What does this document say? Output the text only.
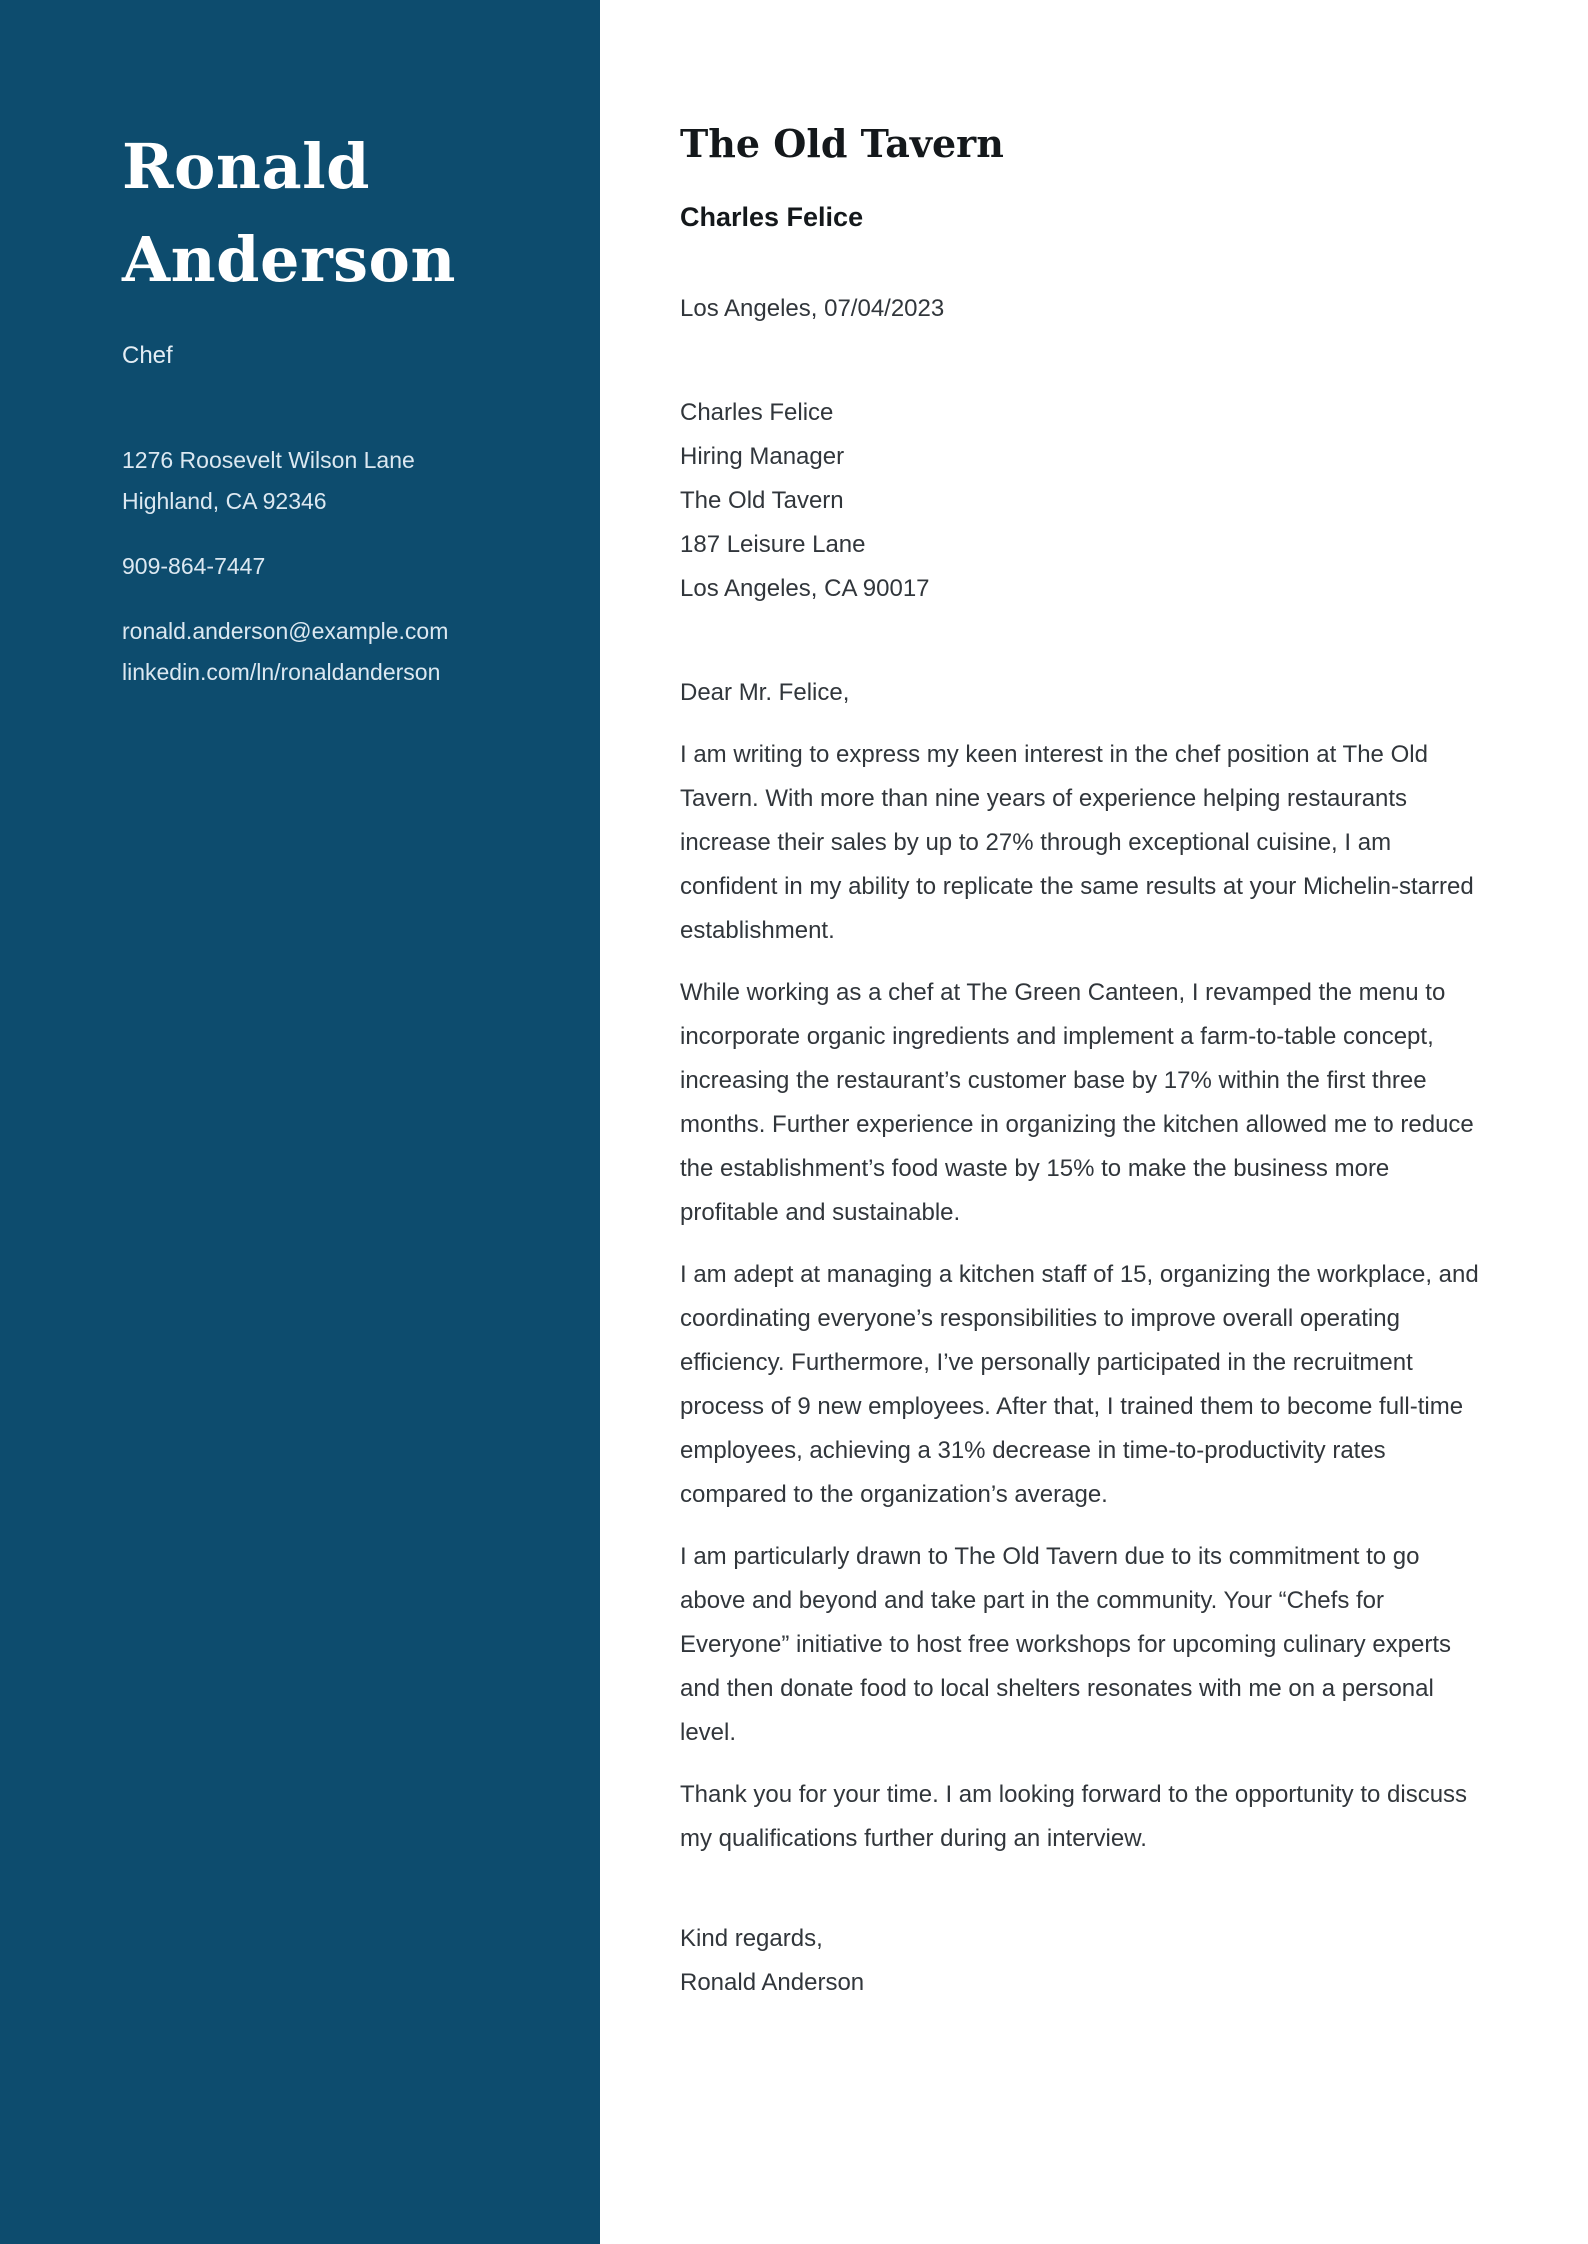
Ronald
Anderson
Chef
1276 Roosevelt Wilson Lane
Highland, CA 92346
909-864-7447
ronald.anderson@example.com
linkedin.com/ln/ronaldanderson
The Old Tavern
Charles Felice
Los Angeles, 07/04/2023
Charles Felice
Hiring Manager
The Old Tavern
187 Leisure Lane
Los Angeles, CA 90017
Dear Mr. Felice,

I am writing to express my keen interest in the chef position at The Old Tavern. With more than nine years of experience helping restaurants increase their sales by up to 27% through exceptional cuisine, I am confident in my ability to replicate the same results at your Michelin-starred establishment.

While working as a chef at The Green Canteen, I revamped the menu to incorporate organic ingredients and implement a farm-to-table concept, increasing the restaurant’s customer base by 17% within the first three months. Further experience in organizing the kitchen allowed me to reduce the establishment’s food waste by 15% to make the business more profitable and sustainable.

I am adept at managing a kitchen staff of 15, organizing the workplace, and coordinating everyone’s responsibilities to improve overall operating efficiency. Furthermore, I’ve personally participated in the recruitment process of 9 new employees. After that, I trained them to become full-time employees, achieving a 31% decrease in time-to-productivity rates compared to the organization’s average.

I am particularly drawn to The Old Tavern due to its commitment to go above and beyond and take part in the community. Your “Chefs for Everyone” initiative to host free workshops for upcoming culinary experts and then donate food to local shelters resonates with me on a personal level.

Thank you for your time. I am looking forward to the opportunity to discuss my qualifications further during an interview.

Kind regards,
Ronald Anderson
